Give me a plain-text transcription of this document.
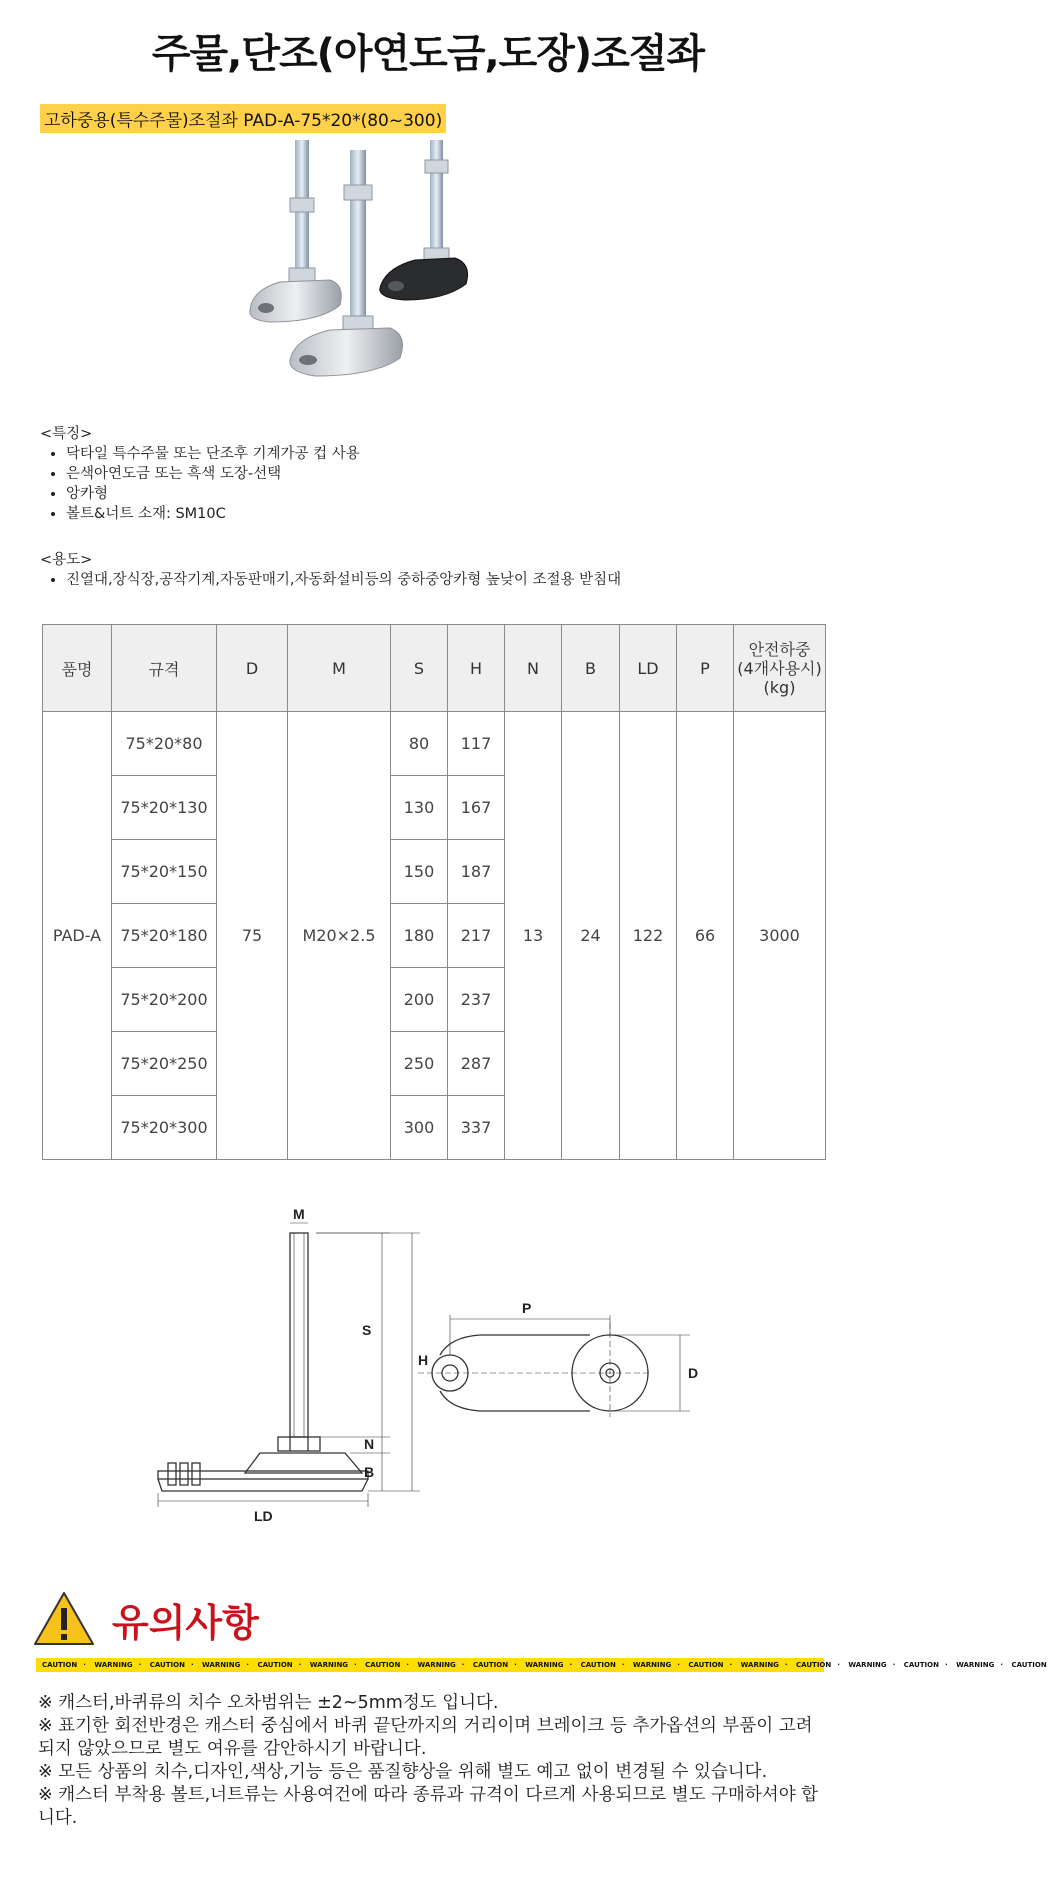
주물,단조(아연도금,도장)조절좌
고하중용(특수주물)조절좌 PAD-A-75*20*(80~300)

<특징>

• 닥타일 특수주물 또는 단조후 기계가공 컵 사용
• 은색아연도금 또는 흑색 도장-선택
• 앙카형
• 볼트&너트 소재: SM10C

<용도>

• 진열대,장식장,공작기계,자동판매기,자동화설비등의 중하중앙카형 높낮이 조절용 받침대
품명	규격	D	M	S	H	N	B	LD	P	안전하중
(4개사용시)
(kg)
PAD-A	75*20*80	75	M20×2.5	80	117	13	24	122	66	3000
	75*20*130			130	167					
	75*20*150			150	187					
	75*20*180			180	217					
	75*20*200			200	237					
	75*20*250			250	287					
	75*20*300			300	337					
M
S
H
N
B
LD
P
D
유의사항
CAUTION · WARNING · CAUTION · WARNING · CAUTION · WARNING · CAUTION · WARNING · CAUTION · WARNING · CAUTION · WARNING · CAUTION · WARNING · CAUTION · WARNING · CAUTION · WARNING · CAUTION

※ 캐스터,바퀴류의 치수 오차범위는 ±2~5mm정도 입니다.

※ 표기한 회전반경은 캐스터 중심에서 바퀴 끝단까지의 거리이며 브레이크 등 추가옵션의 부품이 고려되지 않았으므로 별도 여유를 감안하시기 바랍니다.

※ 모든 상품의 치수,디자인,색상,기능 등은 품질향상을 위해 별도 예고 없이 변경될 수 있습니다.

※ 캐스터 부착용 볼트,너트류는 사용여건에 따라 종류과 규격이 다르게 사용되므로 별도 구매하셔야 합니다.
